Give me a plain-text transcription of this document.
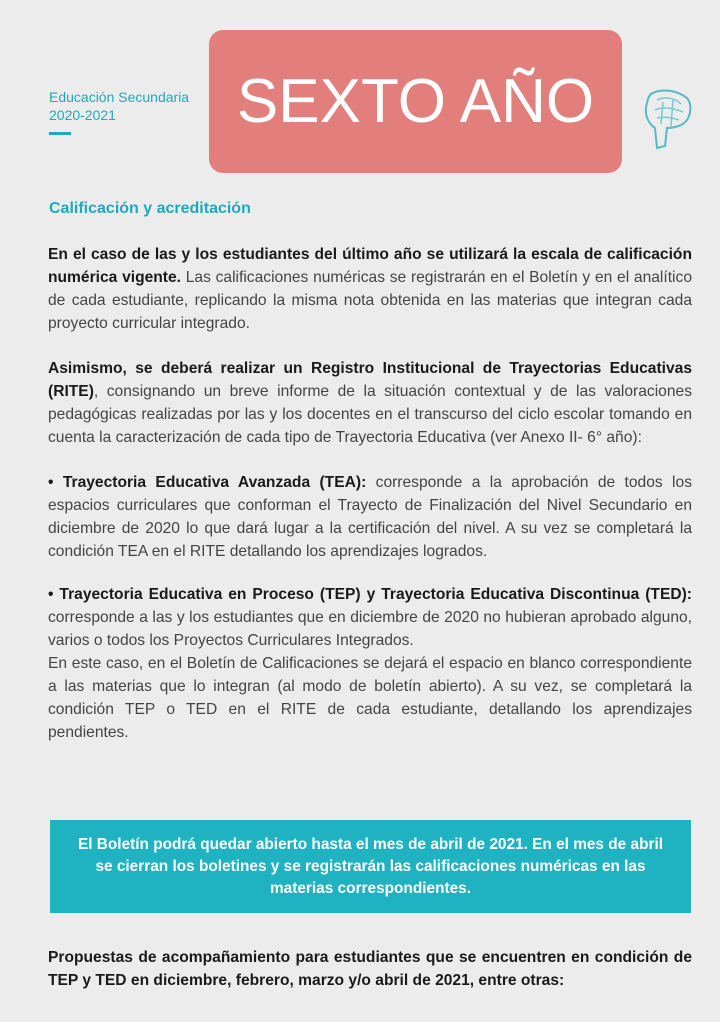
Educación Secundaria
2020-2021	SEXTO AÑO
Calificación y acreditación

En el caso de las y los estudiantes del último año se utilizará la escala de calificación numérica vigente. Las calificaciones numéricas se registrarán en el Boletín y en el analítico de cada estudiante, replicando la misma nota obtenida en las materias que integran cada proyecto curricular integrado.

Asimismo, se deberá realizar un Registro Institucional de Trayectorias Educativas (RITE), consignando un breve informe de la situación contextual y de las valoraciones pedagógicas realizadas por las y los docentes en el transcurso del ciclo escolar tomando en cuenta la caracterización de cada tipo de Trayectoria Educativa (ver Anexo II- 6° año):

• Trayectoria Educativa Avanzada (TEA): corresponde a la aprobación de todos los espacios curriculares que conforman el Trayecto de Finalización del Nivel Secundario en diciembre de 2020 lo que dará lugar a la certificación del nivel. A su vez se completará la condición TEA en el RITE detallando los aprendizajes logrados.

• Trayectoria Educativa en Proceso (TEP) y Trayectoria Educativa Discontinua (TED): corresponde a las y los estudiantes que en diciembre de 2020 no hubieran aprobado alguno, varios o todos los Proyectos Curriculares Integrados.

En este caso, en el Boletín de Calificaciones se dejará el espacio en blanco correspondiente a las materias que lo integran (al modo de boletín abierto). A su vez, se completará la condición TEP o TED en el RITE de cada estudiante, detallando los aprendizajes pendientes.

El Boletín podrá quedar abierto hasta el mes de abril de 2021. En el mes de abril se cierran los boletines y se registrarán las calificaciones numéricas en las materias correspondientes.
Propuestas de acompañamiento para estudiantes que se encuentren en condición de TEP y TED en diciembre, febrero, marzo y/o abril de 2021, entre otras:
